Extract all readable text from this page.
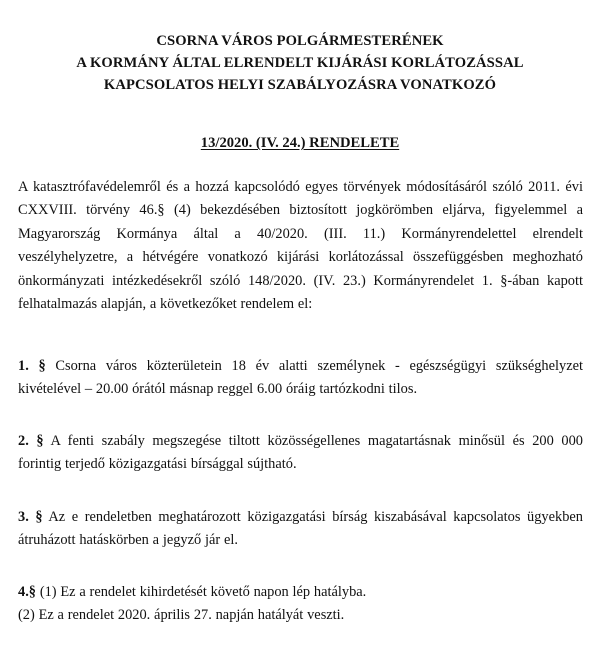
CSORNA VÁROS POLGÁRMESTERÉNEK
A KORMÁNY ÁLTAL ELRENDELT KIJÁRÁSI KORLÁTOZÁSSAL
KAPCSOLATOS HELYI SZABÁLYOZÁSRA VONATKOZÓ
13/2020. (IV. 24.) RENDELETE
A katasztrófavédelemről és a hozzá kapcsolódó egyes törvények módosításáról szóló 2011. évi
CXXVIII. törvény 46.§ (4) bekezdésében biztosított jogkörömben eljárva, figyelemmel a
Magyarország Kormánya által a 40/2020. (III. 11.) Kormányrendelettel elrendelt
veszélyhelyzetre, a hétvégére vonatkozó kijárási korlátozással összefüggésben meghozható
önkormányzati intézkedésekről szóló 148/2020. (IV. 23.) Kormányrendelet 1. §-ában kapott
felhatalmazás alapján, a következőket rendelem el:
1. § Csorna város közterületein 18 év alatti személynek - egészségügyi szükséghelyzet
kivételével – 20.00 órától másnap reggel 6.00 óráig tartózkodni tilos.
2. § A fenti szabály megszegése tiltott közösségellenes magatartásnak minősül és 200 000
forintig terjedő közigazgatási bírsággal sújtható.
3. § Az e rendeletben meghatározott közigazgatási bírság kiszabásával kapcsolatos ügyekben
átruházott hatáskörben a jegyző jár el.
4.§ (1) Ez a rendelet kihirdetését követő napon lép hatályba.
(2) Ez a rendelet 2020. április 27. napján hatályát veszti.
